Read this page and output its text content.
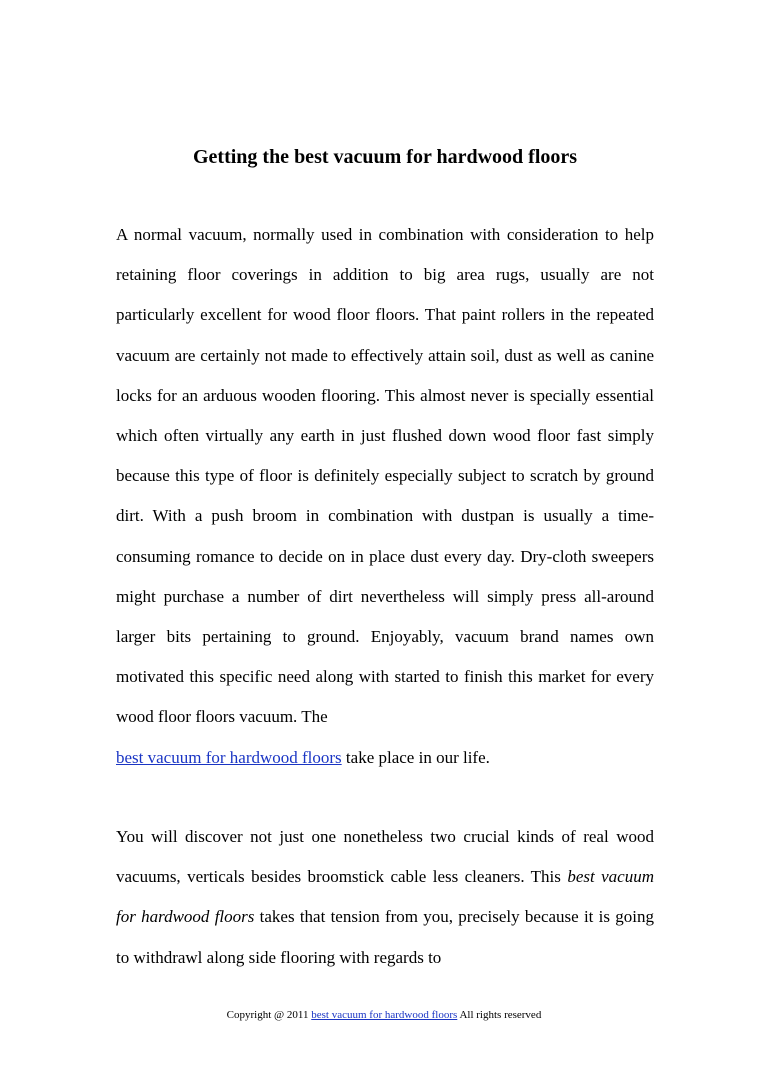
Getting the best vacuum for hardwood floors

A normal vacuum, normally used in combination with consideration to help retaining floor coverings in addition to big area rugs, usually are not particularly excellent for wood floor floors. That paint rollers in the repeated vacuum are certainly not made to effectively attain soil, dust as well as canine locks for an arduous wooden flooring. This almost never is specially essential which often virtually any earth in just flushed down wood floor fast simply because this type of floor is definitely especially subject to scratch by ground dirt. With a push broom in combination with dustpan is usually a time-consuming romance to decide on in place dust every day. Dry-cloth sweepers might purchase a number of dirt nevertheless will simply press all-around larger bits pertaining to ground. Enjoyably, vacuum brand names own motivated this specific need along with started to finish this market for every wood floor floors vacuum. The
best vacuum for hardwood floors take place in our life.

You will discover not just one nonetheless two crucial kinds of real wood vacuums, verticals besides broomstick cable less cleaners. This best vacuum for hardwood floors takes that tension from you, precisely because it is going to withdrawl along side flooring with regards to

Copyright @ 2011 best vacuum for hardwood floors All rights reserved
